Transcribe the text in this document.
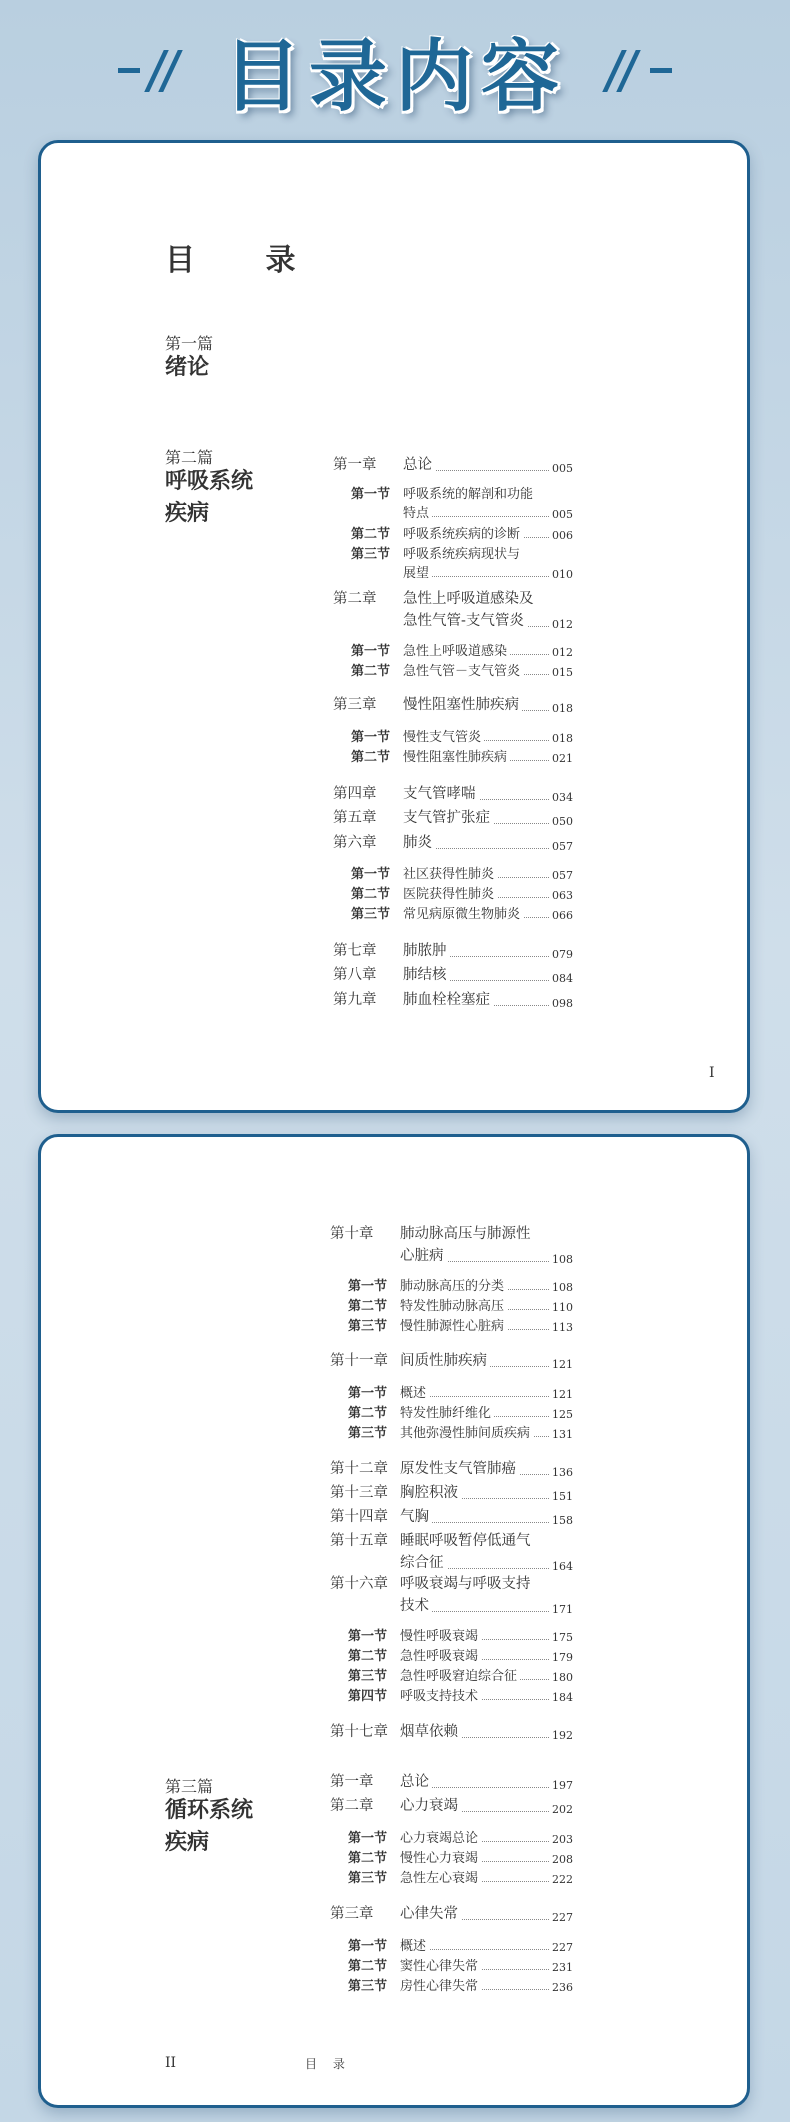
目录内容
目 录
第一篇
绪论
第二篇
呼吸系统
疾病
第一章 总论	005
第一节 呼吸系统的解剖和功能
特点	005
第二节 呼吸系统疾病的诊断	006
第三节 呼吸系统疾病现状与
展望	010
第二章 急性上呼吸道感染及
急性气管-支气管炎	012
第一节 急性上呼吸道感染	012
第二节 急性气管－支气管炎	015
第三章 慢性阻塞性肺疾病	018
第一节 慢性支气管炎	018
第二节 慢性阻塞性肺疾病	021
第四章 支气管哮喘	034
第五章 支气管扩张症	050
第六章 肺炎	057
第一节 社区获得性肺炎	057
第二节 医院获得性肺炎	063
第三节 常见病原微生物肺炎	066
第七章 肺脓肿	079
第八章 肺结核	084
第九章 肺血栓栓塞症	098
I
第三篇
循环系统
疾病
第十章 肺动脉高压与肺源性
心脏病	108
第一节 肺动脉高压的分类	108
第二节 特发性肺动脉高压	110
第三节 慢性肺源性心脏病	113
第十一章 间质性肺疾病	121
第一节 概述	121
第二节 特发性肺纤维化	125
第三节 其他弥漫性肺间质疾病 131
第十二章 原发性支气管肺癌	136
第十三章 胸腔积液	151
第十四章 气胸	158
第十五章 睡眠呼吸暂停低通气
综合征	164
第十六章 呼吸衰竭与呼吸支持
技术	171
第一节 慢性呼吸衰竭	175
第二节 急性呼吸衰竭	179
第三节 急性呼吸窘迫综合征	180
第四节 呼吸支持技术	184
第十七章 烟草依赖	192
第一章 总论	197
第二章 心力衰竭	202
第一节 心力衰竭总论	203
第二节 慢性心力衰竭	208
第三节 急性左心衰竭	222
第三章 心律失常	227
第一节 概述	227
第二节 窦性心律失常	231
第三节 房性心律失常	236
II	目 录
